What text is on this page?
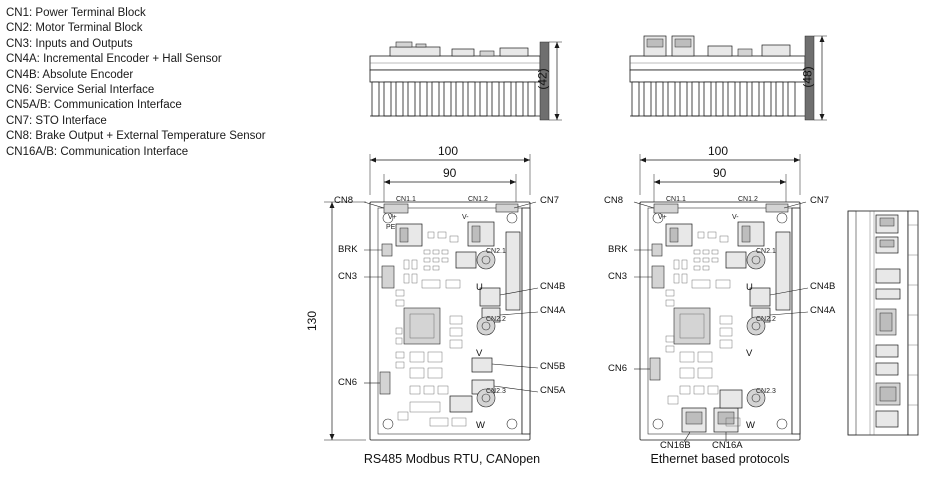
CN1: Power Terminal Block
CN2: Motor Terminal Block
CN3: Inputs and Outputs
CN4A: Incremental Encoder + Hall Sensor
CN4B: Absolute Encoder
CN6: Service Serial Interface
CN5A/B: Communication Interface
CN7: STO Interface
CN8: Brake Output + External Temperature Sensor
CN16A/B: Communication Interface
(42)	(48)
100
90
130
CN8
BRK
CN3
CN6
CN7
CN4B
CN4A
CN5B
CN5A
CN1.1	CN1.2
V+
PE
V-
CN2.1
U
CN2.2
V
CN2.3
W
RS485 Modbus RTU, CANopen
100
90
CN8
BRK
CN3
CN6
CN7
CN4B
CN4A
CN16B CN16A
CN1.1	CN1.2
V+	V-
CN2.1
U
CN2.2
V
CN2.3
W
Ethernet based protocols
